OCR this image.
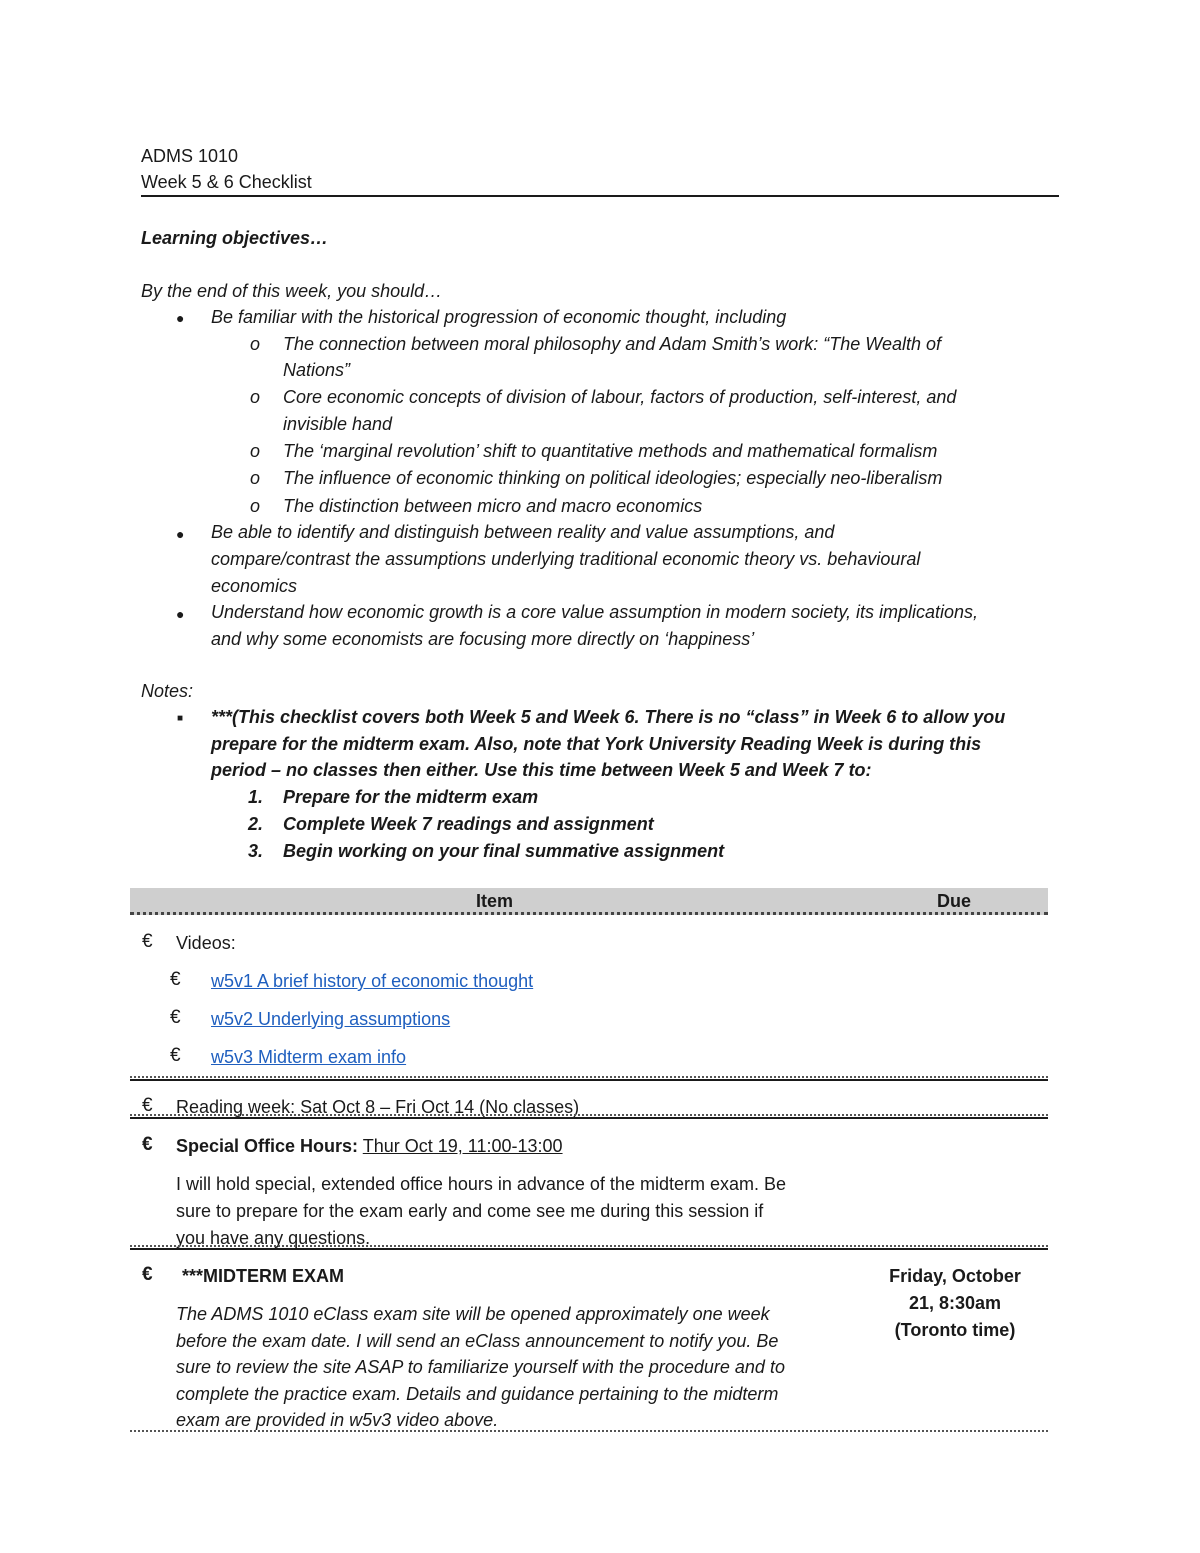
ADMS 1010
Week 5 & 6 Checklist
Learning objectives…
By the end of this week, you should…
● Be familiar with the historical progression of economic thought, including
o The connection between moral philosophy and Adam Smith’s work: “The Wealth of
Nations”
o Core economic concepts of division of labour, factors of production, self-interest, and
invisible hand
o The ‘marginal revolution’ shift to quantitative methods and mathematical formalism
o The influence of economic thinking on political ideologies; especially neo-liberalism
o The distinction between micro and macro economics
● Be able to identify and distinguish between reality and value assumptions, and
compare/contrast the assumptions underlying traditional economic theory vs. behavioural
economics
● Understand how economic growth is a core value assumption in modern society, its implications,
and why some economists are focusing more directly on ‘happiness’
Notes:
■ ***(This checklist covers both Week 5 and Week 6. There is no “class” in Week 6 to allow you
prepare for the midterm exam. Also, note that York University Reading Week is during this
period – no classes then either. Use this time between Week 5 and Week 7 to:
1. Prepare for the midterm exam
2. Complete Week 7 readings and assignment
3. Begin working on your final summative assignment
Item	Due
€ Videos:
€ w5v1 A brief history of economic thought
€ w5v2 Underlying assumptions
€ w5v3 Midterm exam info
€ Reading week: Sat Oct 8 – Fri Oct 14 (No classes)
€ Special Office Hours: Thur Oct 19, 11:00-13:00
I will hold special, extended office hours in advance of the midterm exam. Be
sure to prepare for the exam early and come see me during this session if
you have any questions.
€ ***MIDTERM EXAM
The ADMS 1010 eClass exam site will be opened approximately one week
before the exam date. I will send an eClass announcement to notify you. Be
sure to review the site ASAP to familiarize yourself with the procedure and to
complete the practice exam. Details and guidance pertaining to the midterm
exam are provided in w5v3 video above.
Friday, October
21, 8:30am
(Toronto time)
